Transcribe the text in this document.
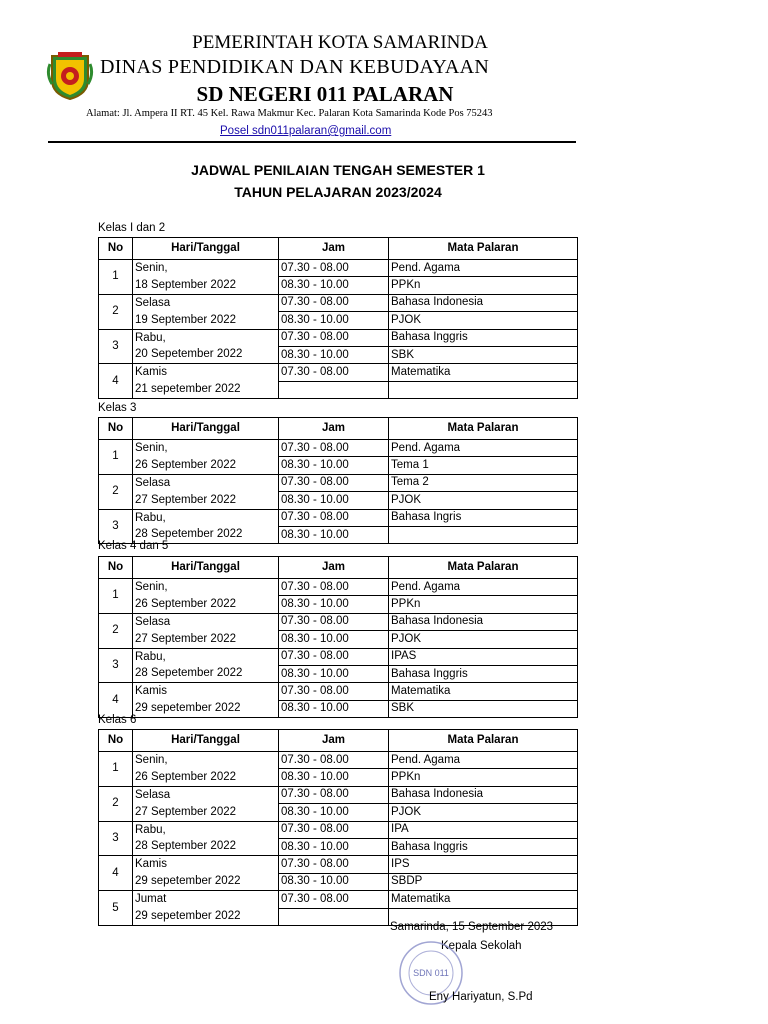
PEMERINTAH KOTA SAMARINDA
DINAS PENDIDIKAN DAN KEBUDAYAAN
SD NEGERI 011 PALARAN
Alamat: Jl. Ampera II RT. 45 Kel. Rawa Makmur Kec. Palaran Kota Samarinda Kode Pos 75243
Posel sdn011palaran@gmail.com
JADWAL PENILAIAN TENGAH SEMESTER 1
TAHUN PELAJARAN 2023/2024
Kelas I dan 2
No	Hari/Tanggal	Jam	Mata Palaran
1	Senin,	07.30 - 08.00	Pend. Agama
	18 September 2022	08.30 - 10.00	PPKn
2	Selasa	07.30 - 08.00	Bahasa Indonesia
	19 September 2022	08.30 - 10.00	PJOK
3	Rabu,	07.30 - 08.00	Bahasa Inggris
	20 Sepetember 2022	08.30 - 10.00	SBK
4	Kamis	07.30 - 08.00	Matematika
	21 sepetember 2022		
Kelas 3
No	Hari/Tanggal	Jam	Mata Palaran
1	Senin,	07.30 - 08.00	Pend. Agama
	26 September 2022	08.30 - 10.00	Tema 1
2	Selasa	07.30 - 08.00	Tema 2
	27 September 2022	08.30 - 10.00	PJOK
3	Rabu,	07.30 - 08.00	Bahasa Ingris
	28 Sepetember 2022	08.30 - 10.00	
Kelas 4 dan 5
No	Hari/Tanggal	Jam	Mata Palaran
1	Senin,	07.30 - 08.00	Pend. Agama
	26 September 2022	08.30 - 10.00	PPKn
2	Selasa	07.30 - 08.00	Bahasa Indonesia
	27 September 2022	08.30 - 10.00	PJOK
3	Rabu,	07.30 - 08.00	IPAS
	28 Sepetember 2022	08.30 - 10.00	Bahasa Inggris
4	Kamis	07.30 - 08.00	Matematika
	29 sepetember 2022	08.30 - 10.00	SBK
Kelas 6
No	Hari/Tanggal	Jam	Mata Palaran
1	Senin,	07.30 - 08.00	Pend. Agama
	26 September 2022	08.30 - 10.00	PPKn
2	Selasa	07.30 - 08.00	Bahasa Indonesia
	27 September 2022	08.30 - 10.00	PJOK
3	Rabu,	07.30 - 08.00	IPA
	28 September 2022	08.30 - 10.00	Bahasa Inggris
4	Kamis	07.30 - 08.00	IPS
	29 sepetember 2022	08.30 - 10.00	SBDP
5	Jumat	07.30 - 08.00	Matematika
	29 sepetember 2022		
Samarinda, 15 September 2023
Kepala Sekolah
SDN 011
Eny Hariyatun, S.Pd
